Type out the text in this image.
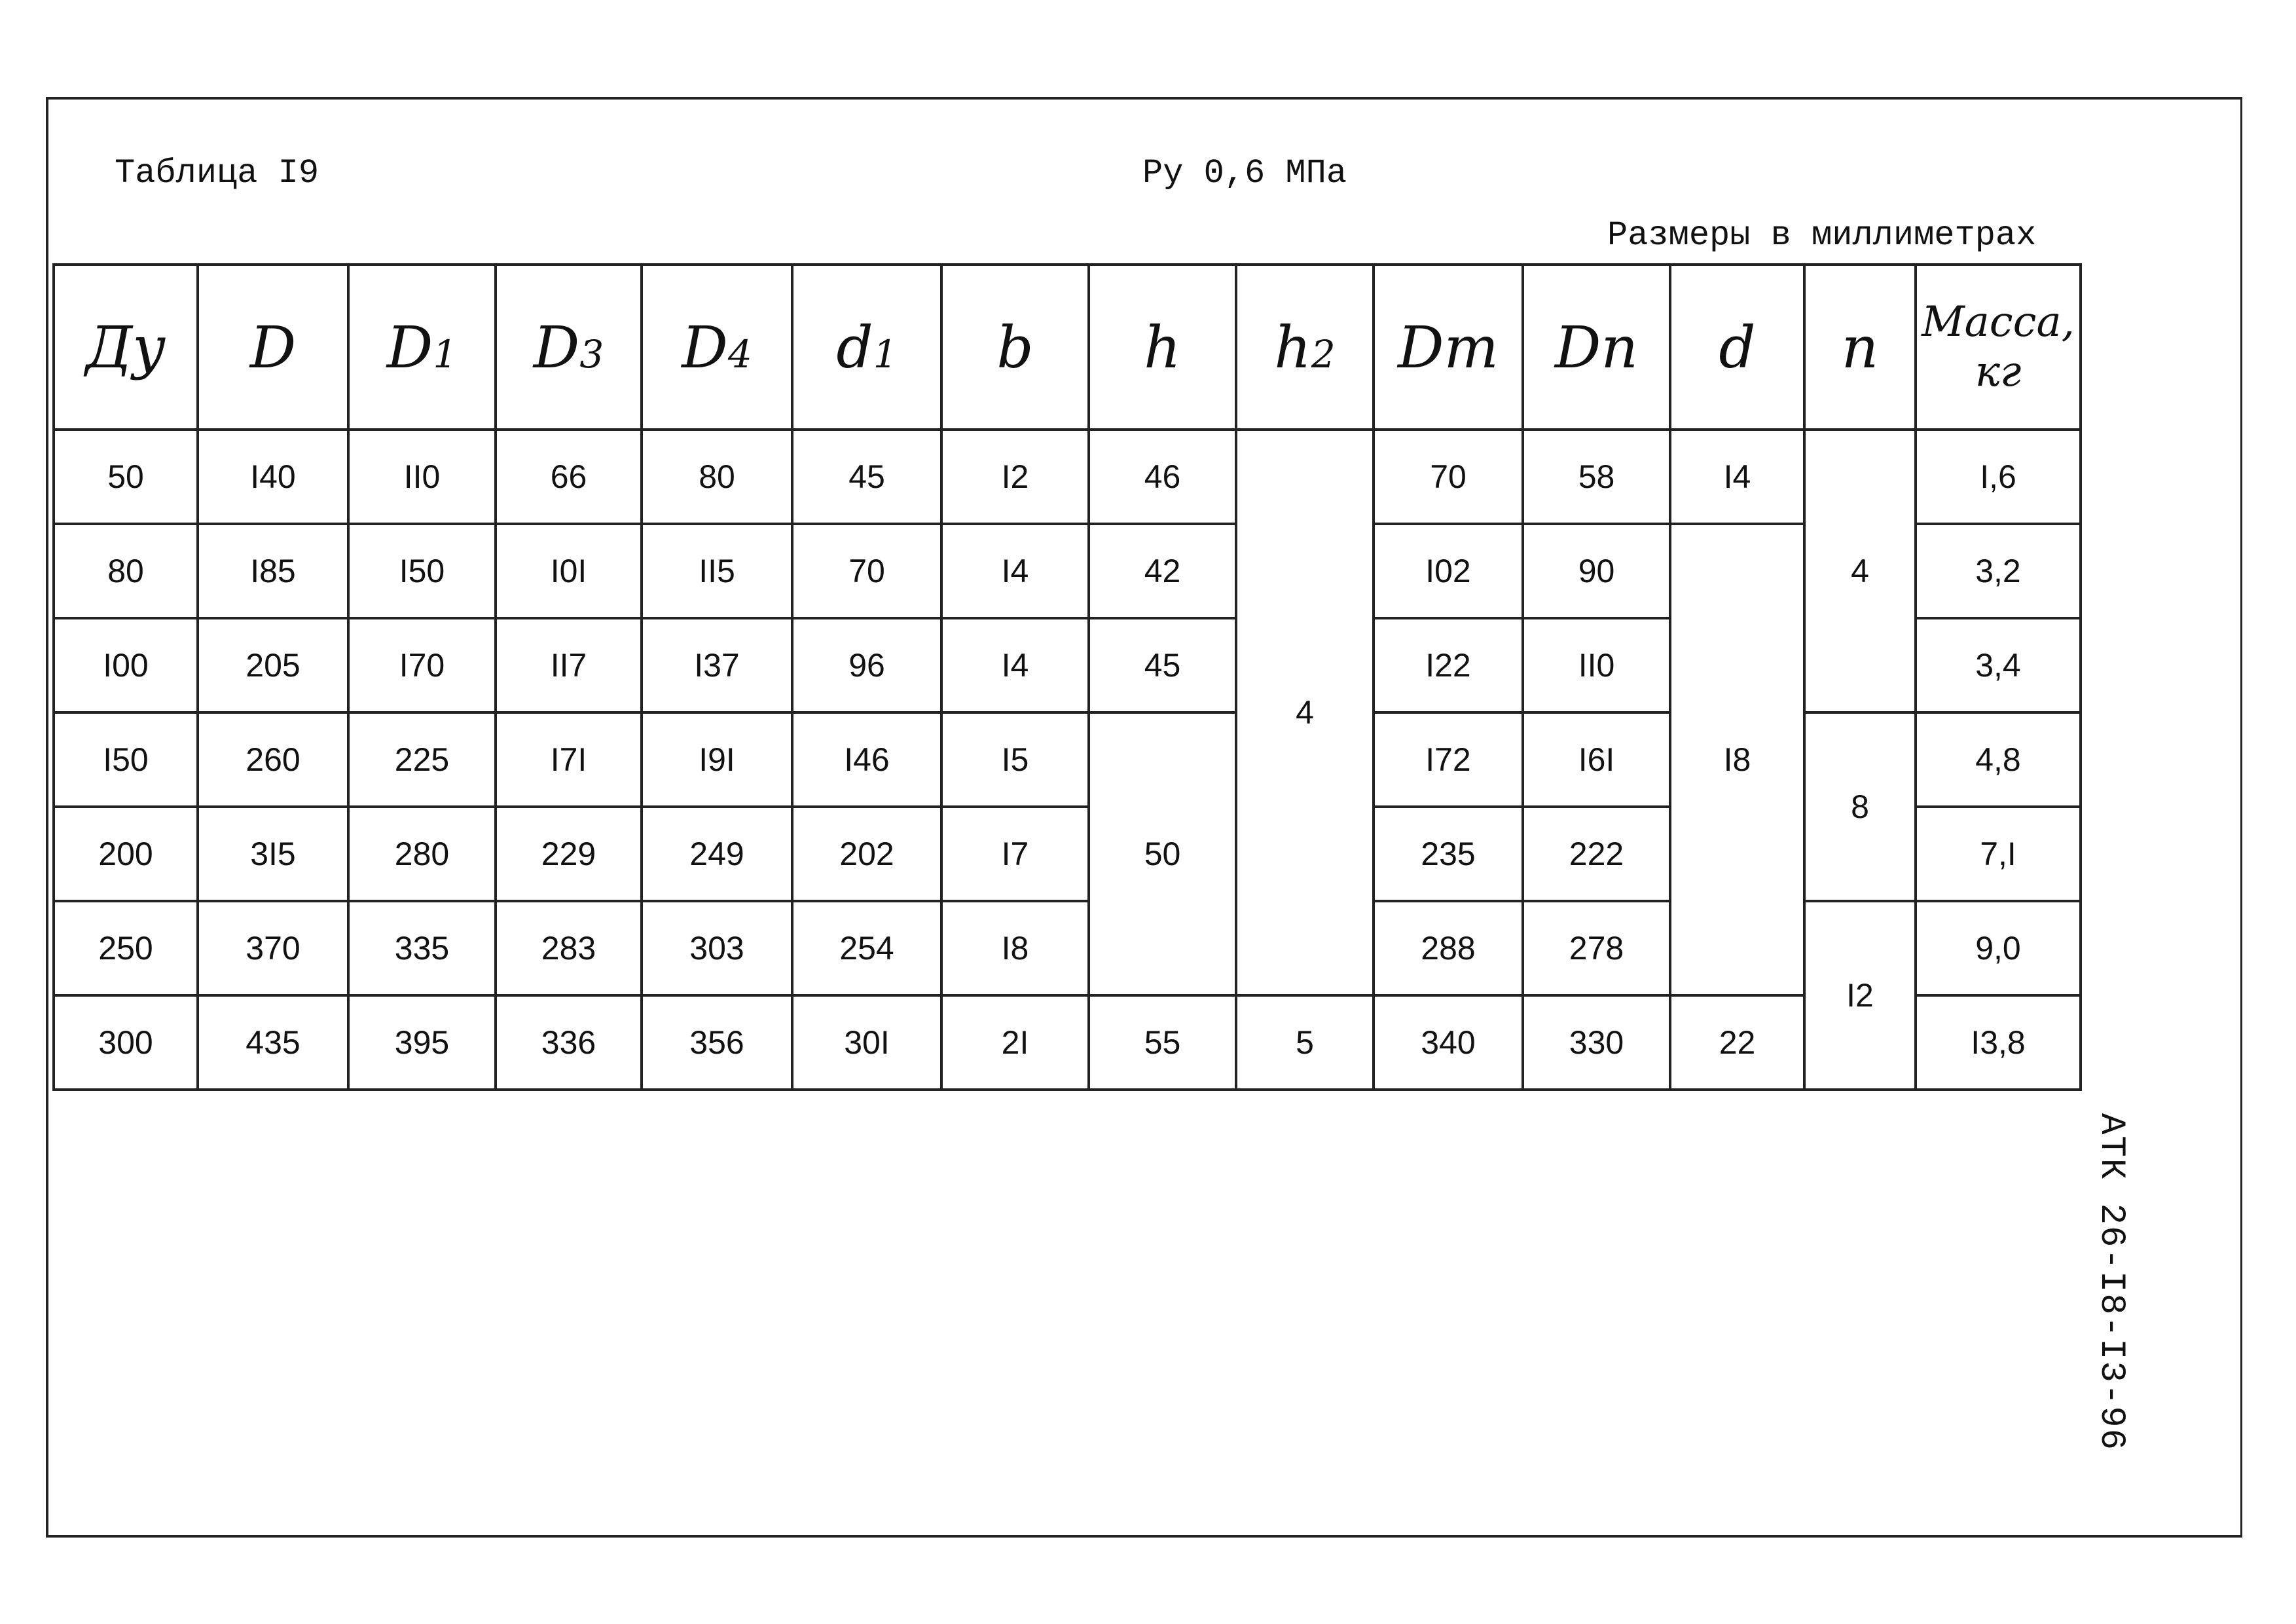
Таблица I9	Ру 0,6 МПа
Размеры в миллиметрах
АТК 26-I8-I3-96
Ду	D	D1	D3	D4	d1	b	h	h2	Dm	Dn	d	n	Масса,
кг
50	I40	II0	66	80	45	I2	46	4	70	58	I4	4	I,6
80	I85	I50	I0I	II5	70	I4	42		I02	90	I8		3,2
I00	205	I70	II7	I37	96	I4	45		I22	II0			3,4
I50	260	225	I7I	I9I	I46	I5	50		I72	I6I		8	4,8
200	3I5	280	229	249	202	I7			235	222			7,I
250	370	335	283	303	254	I8			288	278		I2	9,0
300	435	395	336	356	30I	2I	55	5	340	330	22		I3,8
